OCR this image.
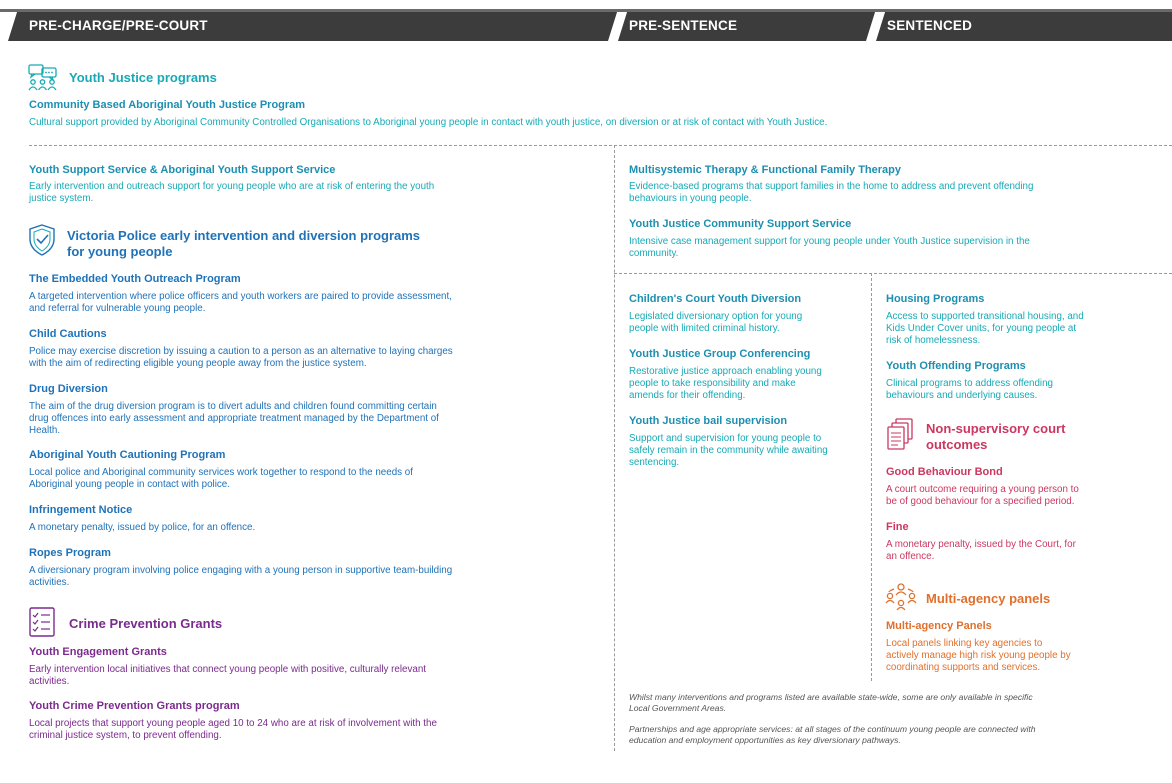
PRE-CHARGE/PRE-COURT	PRE-SENTENCE	SENTENCED
Youth Justice programs
Community Based Aboriginal Youth Justice Program
Cultural support provided by Aboriginal Community Controlled Organisations to Aboriginal young people in contact with youth justice, on diversion or at risk of contact with Youth Justice.
Youth Support Service & Aboriginal Youth Support Service
Early intervention and outreach support for young people who are at risk of entering the youth
justice system.
Victoria Police early intervention and diversion programs
for young people
The Embedded Youth Outreach Program
A targeted intervention where police officers and youth workers are paired to provide assessment,
and referral for vulnerable young people.
Child Cautions
Police may exercise discretion by issuing a caution to a person as an alternative to laying charges
with the aim of redirecting eligible young people away from the justice system.
Drug Diversion
The aim of the drug diversion program is to divert adults and children found committing certain
drug offences into early assessment and appropriate treatment managed by the Department of
Health.
Aboriginal Youth Cautioning Program
Local police and Aboriginal community services work together to respond to the needs of
Aboriginal young people in contact with police.
Infringement Notice
A monetary penalty, issued by police, for an offence.
Ropes Program
A diversionary program involving police engaging with a young person in supportive team-building
activities.
Crime Prevention Grants
Youth Engagement Grants
Early intervention local initiatives that connect young people with positive, culturally relevant
activities.
Youth Crime Prevention Grants program
Local projects that support young people aged 10 to 24 who are at risk of involvement with the
criminal justice system, to prevent offending.
Multisystemic Therapy & Functional Family Therapy
Evidence-based programs that support families in the home to address and prevent offending
behaviours in young people.
Youth Justice Community Support Service
Intensive case management support for young people under Youth Justice supervision in the
community.
Children's Court Youth Diversion
Legislated diversionary option for young
people with limited criminal history.
Youth Justice Group Conferencing
Restorative justice approach enabling young
people to take responsibility and make
amends for their offending.
Youth Justice bail supervision
Support and supervision for young people to
safely remain in the community while awaiting
sentencing.
Housing Programs
Access to supported transitional housing, and
Kids Under Cover units, for young people at
risk of homelessness.
Youth Offending Programs
Clinical programs to address offending
behaviours and underlying causes.
Non-supervisory court
outcomes
Good Behaviour Bond
A court outcome requiring a young person to
be of good behaviour for a specified period.
Fine
A monetary penalty, issued by the Court, for
an offence.
Multi-agency panels
Multi-agency Panels
Local panels linking key agencies to
actively manage high risk young people by
coordinating supports and services.
Whilst many interventions and programs listed are available state-wide, some are only available in specific
Local Government Areas.
Partnerships and age appropriate services: at all stages of the continuum young people are connected with
education and employment opportunities as key diversionary pathways.
